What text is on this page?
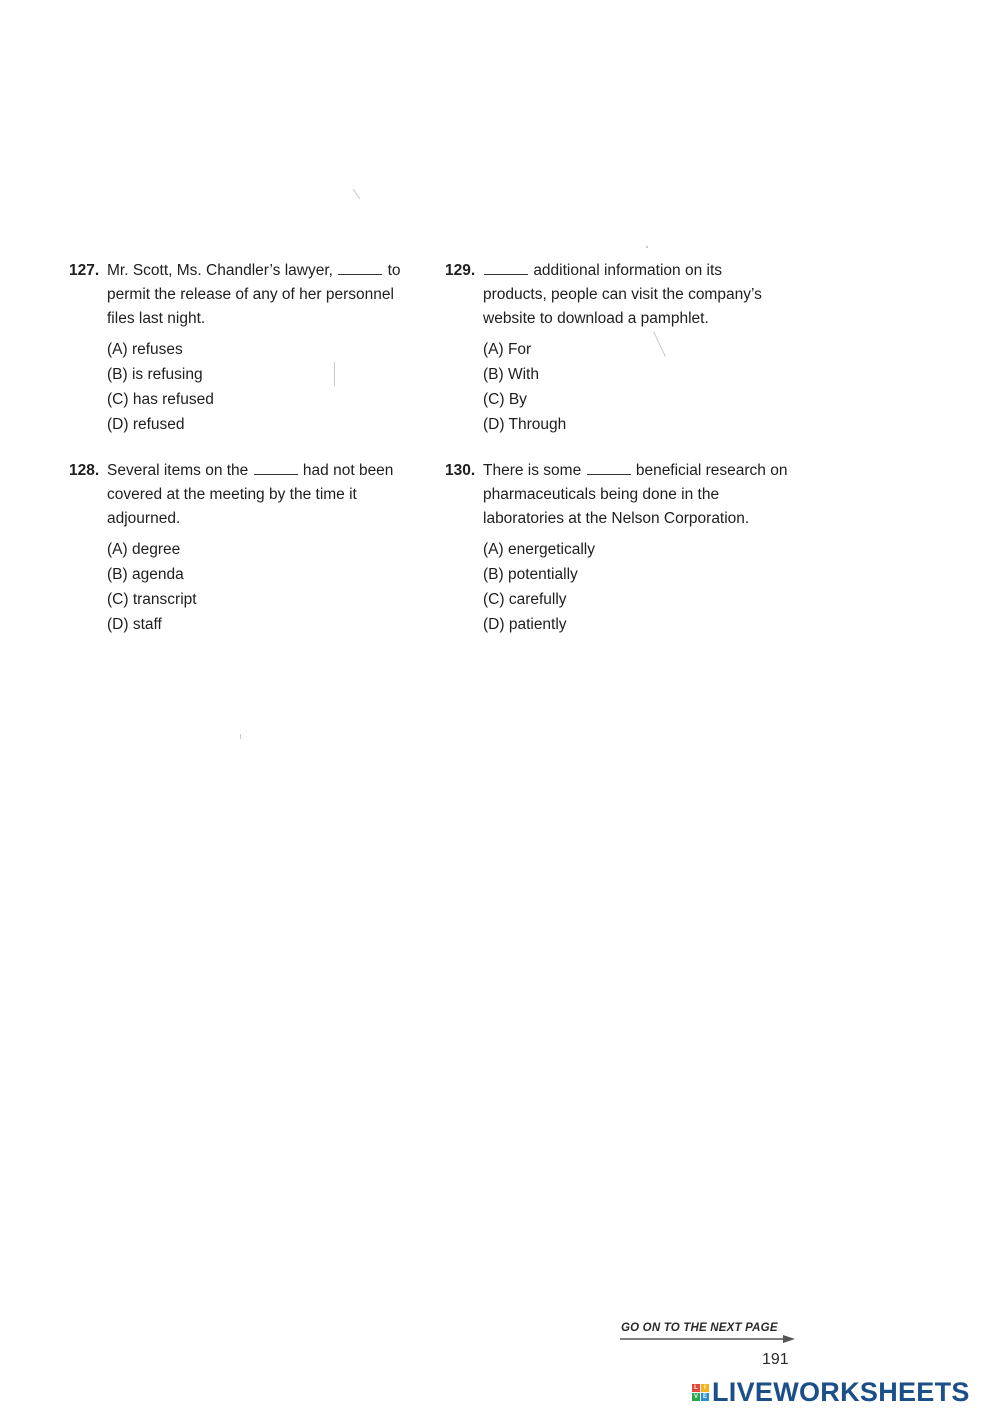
127. Mr. Scott, Ms. Chandler’s lawyer,	to permit the release of any of her personnel files last night.
(A) refuses
(B) is refusing
(C) has refused
(D) refused
128. Several items on the	had not been covered at the meeting by the time it adjourned.
(A) degree
(B) agenda
(C) transcript
(D) staff
129.	additional information on its products, people can visit the company’s website to download a pamphlet.
(A) For
(B) With
(C) By
(D) Through
130. There is some	beneficial research on pharmaceuticals being done in the laboratories at the Nelson Corporation.
(A) energetically
(B) potentially
(C) carefully
(D) patiently
GO ON TO THE NEXT PAGE
191
L	I
V E LIVEWORKSHEETS
